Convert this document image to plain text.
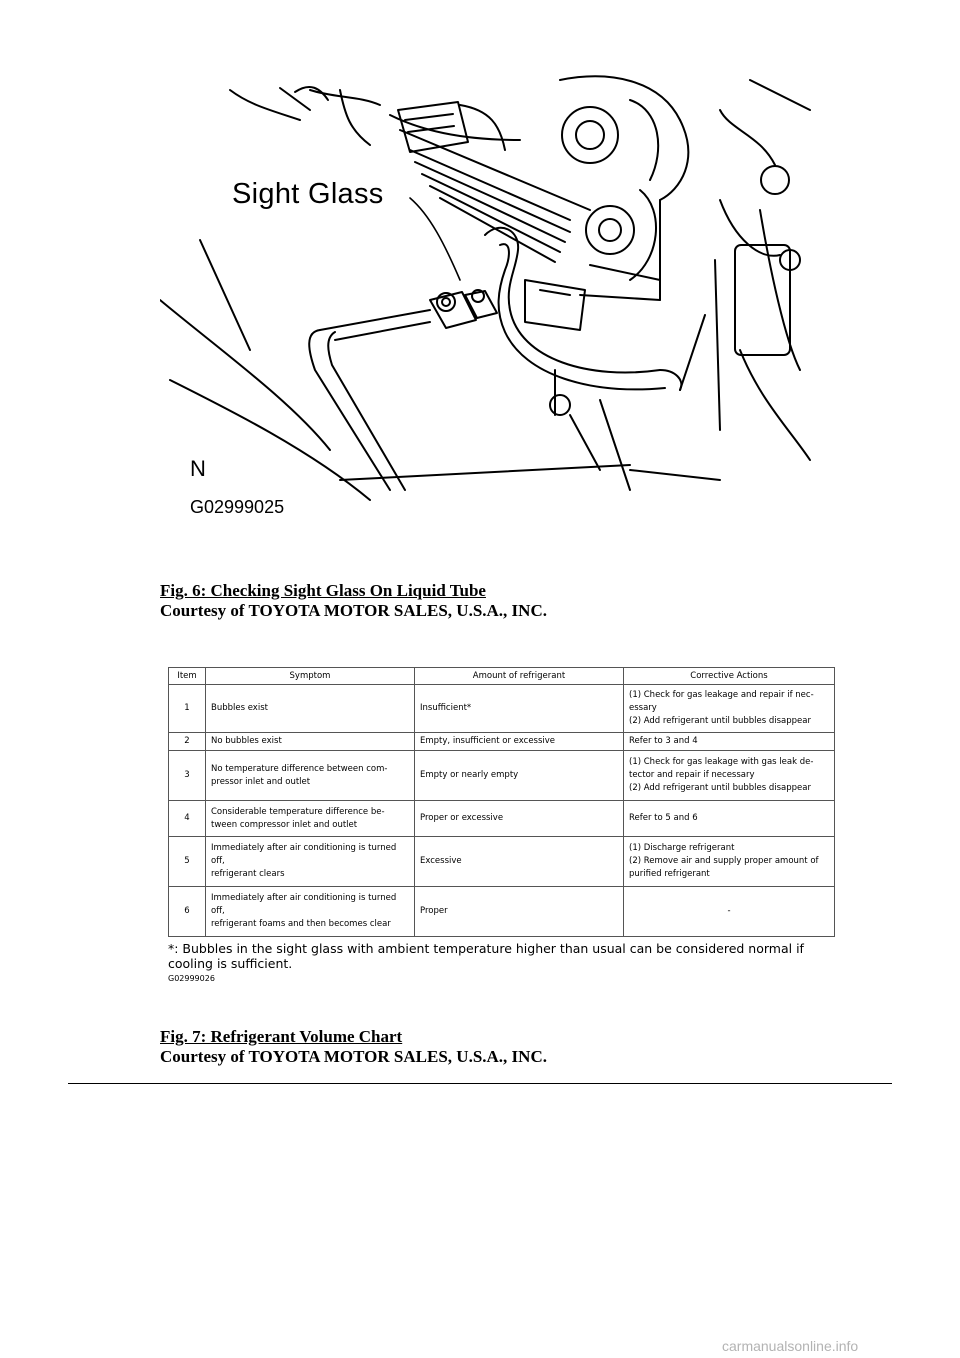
Sight Glass
N
G02999025
Fig. 6: Checking Sight Glass On Liquid Tube
Courtesy of TOYOTA MOTOR SALES, U.S.A., INC.
Item	Symptom	Amount of refrigerant	Corrective Actions
1	Bubbles exist	Insufficient*	(1) Check for gas leakage and repair if nec-
essary
(2) Add refrigerant until bubbles disappear

2	No bubbles exist	Empty, insufficient or excessive	Refer to 3 and 4

3	No temperature difference between com-
pressor inlet and outlet	Empty or nearly empty	(1) Check for gas leakage with gas leak de-
tector and repair if necessary
(2) Add refrigerant until bubbles disappear

4	Considerable temperature difference be-
tween compressor inlet and outlet	Proper or excessive	Refer to 5 and 6

5	Immediately after air conditioning is turned
off,
refrigerant clears	Excessive	(1) Discharge refrigerant
(2) Remove air and supply proper amount of
purified refrigerant

6	Immediately after air conditioning is turned
off,
refrigerant foams and then becomes clear	Proper	-
*: Bubbles in the sight glass with ambient temperature higher than usual can be considered normal if cooling is sufficient.
G02999026
Fig. 7: Refrigerant Volume Chart
Courtesy of TOYOTA MOTOR SALES, U.S.A., INC.
carmanualsonline.info
